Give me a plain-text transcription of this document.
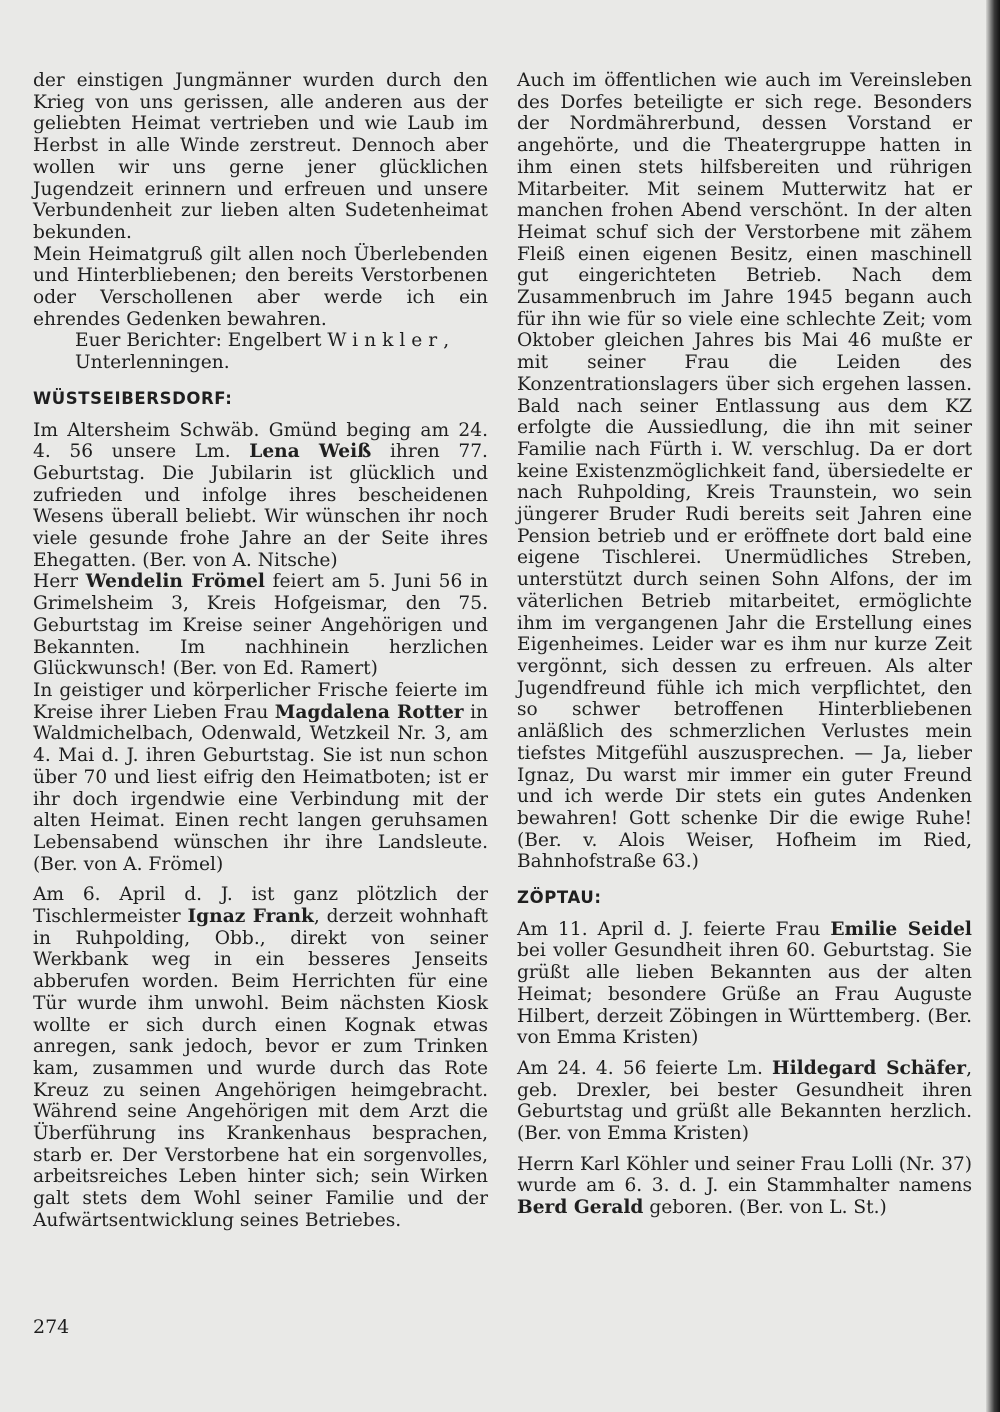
der einstigen Jungmänner wurden durch den Krieg von uns gerissen, alle anderen aus der geliebten Heimat vertrieben und wie Laub im Herbst in alle Winde zerstreut. Dennoch aber wollen wir uns gerne jener glücklichen Jugendzeit erinnern und erfreuen und unsere Verbundenheit zur lieben alten Sudetenheimat bekunden.

Mein Heimatgruß gilt allen noch Überlebenden und Hinterbliebenen; den bereits Verstorbenen oder Verschollenen aber werde ich ein ehrendes Gedenken bewahren.

Euer Berichter: Engelbert Winkler,
Unterlenningen.

WÜSTSEIBERSDORF:

Im Altersheim Schwäb. Gmünd beging am 24. 4. 56 unsere Lm. Lena Weiß ihren 77. Geburtstag. Die Jubilarin ist glücklich und zufrieden und infolge ihres bescheidenen Wesens überall beliebt. Wir wünschen ihr noch viele gesunde frohe Jahre an der Seite ihres Ehegatten. (Ber. von A. Nitsche)

Herr Wendelin Frömel feiert am 5. Juni 56 in Grimelsheim 3, Kreis Hofgeismar, den 75. Geburtstag im Kreise seiner Angehörigen und Bekannten. Im nachhinein herzlichen Glückwunsch! (Ber. von Ed. Ramert)

In geistiger und körperlicher Frische feierte im Kreise ihrer Lieben Frau Magdalena Rotter in Waldmichelbach, Odenwald, Wetzkeil Nr. 3, am 4. Mai d. J. ihren Geburtstag. Sie ist nun schon über 70 und liest eifrig den Heimatboten; ist er ihr doch irgendwie eine Verbindung mit der alten Heimat. Einen recht langen geruhsamen Lebensabend wünschen ihr ihre Landsleute. (Ber. von A. Frömel)

Am 6. April d. J. ist ganz plötzlich der Tischlermeister Ignaz Frank, derzeit wohnhaft in Ruhpolding, Obb., direkt von seiner Werkbank weg in ein besseres Jenseits abberufen worden. Beim Herrichten für eine Tür wurde ihm unwohl. Beim nächsten Kiosk wollte er sich durch einen Kognak etwas anregen, sank jedoch, bevor er zum Trinken kam, zusammen und wurde durch das Rote Kreuz zu seinen Angehörigen heimgebracht. Während seine Angehörigen mit dem Arzt die Überführung ins Krankenhaus besprachen, starb er. Der Verstorbene hat ein sorgenvolles, arbeitsreiches Leben hinter sich; sein Wirken galt stets dem Wohl seiner Familie und der Aufwärtsentwicklung seines Betriebes.

Auch im öffentlichen wie auch im Vereinsleben des Dorfes beteiligte er sich rege. Besonders der Nordmährerbund, dessen Vorstand er angehörte, und die Theatergruppe hatten in ihm einen stets hilfsbereiten und rührigen Mitarbeiter. Mit seinem Mutterwitz hat er manchen frohen Abend verschönt. In der alten Heimat schuf sich der Verstorbene mit zähem Fleiß einen eigenen Besitz, einen maschinell gut eingerichteten Betrieb. Nach dem Zusammenbruch im Jahre 1945 begann auch für ihn wie für so viele eine schlechte Zeit; vom Oktober gleichen Jahres bis Mai 46 mußte er mit seiner Frau die Leiden des Konzentrationslagers über sich ergehen lassen. Bald nach seiner Entlassung aus dem KZ erfolgte die Aussiedlung, die ihn mit seiner Familie nach Fürth i. W. verschlug. Da er dort keine Existenzmöglichkeit fand, übersiedelte er nach Ruhpolding, Kreis Traunstein, wo sein jüngerer Bruder Rudi bereits seit Jahren eine Pension betrieb und er eröffnete dort bald eine eigene Tischlerei. Unermüdliches Streben, unterstützt durch seinen Sohn Alfons, der im väterlichen Betrieb mitarbeitet, ermöglichte ihm im vergangenen Jahr die Erstellung eines Eigenheimes. Leider war es ihm nur kurze Zeit vergönnt, sich dessen zu erfreuen. Als alter Jugendfreund fühle ich mich verpflichtet, den so schwer betroffenen Hinterbliebenen anläßlich des schmerzlichen Verlustes mein tiefstes Mitgefühl auszusprechen. — Ja, lieber Ignaz, Du warst mir immer ein guter Freund und ich werde Dir stets ein gutes Andenken bewahren! Gott schenke Dir die ewige Ruhe! (Ber. v. Alois Weiser, Hofheim im Ried, Bahnhofstraße 63.)

ZÖPTAU:

Am 11. April d. J. feierte Frau Emilie Seidel bei voller Gesundheit ihren 60. Geburtstag. Sie grüßt alle lieben Bekannten aus der alten Heimat; besondere Grüße an Frau Auguste Hilbert, derzeit Zöbingen in Württemberg. (Ber. von Emma Kristen)

Am 24. 4. 56 feierte Lm. Hildegard Schäfer, geb. Drexler, bei bester Gesundheit ihren Geburtstag und grüßt alle Bekannten herzlich. (Ber. von Emma Kristen)

Herrn Karl Köhler und seiner Frau Lolli (Nr. 37) wurde am 6. 3. d. J. ein Stammhalter namens Berd Gerald geboren. (Ber. von L. St.)

274
